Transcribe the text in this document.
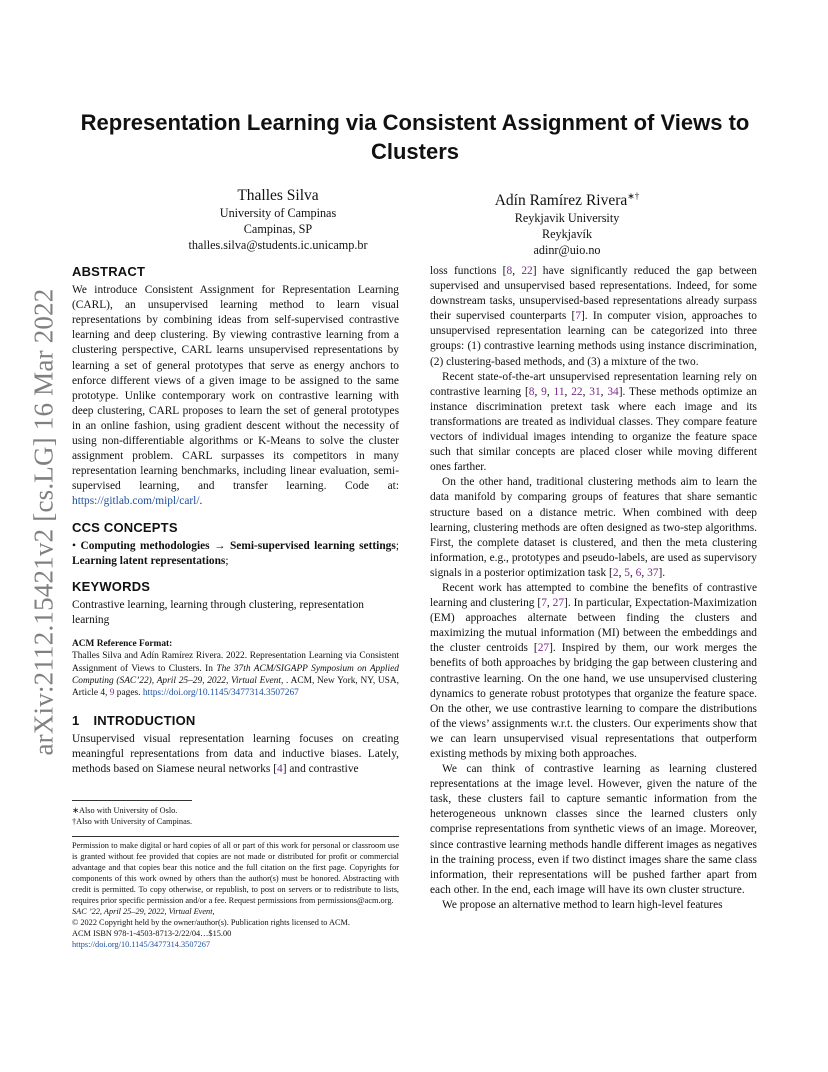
arXiv:2112.15421v2 [cs.LG] 16 Mar 2022
Representation Learning via Consistent Assignment of Views to Clusters
Thalles Silva
University of Campinas
Campinas, SP
thalles.silva@students.ic.unicamp.br
Adín Ramírez Rivera∗†
Reykjavik University
Reykjavík
adinr@uio.no
ABSTRACT

We introduce Consistent Assignment for Representation Learning (CARL), an unsupervised learning method to learn visual representations by combining ideas from self-supervised contrastive learning and deep clustering. By viewing contrastive learning from a clustering perspective, CARL learns unsupervised representations by learning a set of general prototypes that serve as energy anchors to enforce different views of a given image to be assigned to the same prototype. Unlike contemporary work on contrastive learning with deep clustering, CARL proposes to learn the set of general prototypes in an online fashion, using gradient descent without the necessity of using non-differentiable algorithms or K-Means to solve the cluster assignment problem. CARL surpasses its competitors in many representation learning benchmarks, including linear evaluation, semi-supervised learning, and transfer learning. Code at: https://gitlab.com/mipl/carl/.

CCS CONCEPTS

• Computing methodologies → Semi-supervised learning settings; Learning latent representations;

KEYWORDS

Contrastive learning, learning through clustering, representation learning

ACM Reference Format:

Thalles Silva and Adín Ramírez Rivera. 2022. Representation Learning via Consistent Assignment of Views to Clusters. In The 37th ACM/SIGAPP Symposium on Applied Computing (SAC’22), April 25–29, 2022, Virtual Event, . ACM, New York, NY, USA, Article 4, 9 pages. https://doi.org/10.1145/3477314.3507267

1 INTRODUCTION

Unsupervised visual representation learning focuses on creating meaningful representations from data and inductive biases. Lately, methods based on Siamese neural networks [4] and contrastive

∗Also with University of Oslo.
†Also with University of Campinas.

Permission to make digital or hard copies of all or part of this work for personal or classroom use is granted without fee provided that copies are not made or distributed for profit or commercial advantage and that copies bear this notice and the full citation on the first page. Copyrights for components of this work owned by others than the author(s) must be honored. Abstracting with credit is permitted. To copy otherwise, or republish, to post on servers or to redistribute to lists, requires prior specific permission and/or a fee. Request permissions from permissions@acm.org.

SAC ’22, April 25–29, 2022, Virtual Event,
© 2022 Copyright held by the owner/author(s). Publication rights licensed to ACM.
ACM ISBN 978-1-4503-8713-2/22/04…$15.00
https://doi.org/10.1145/3477314.3507267

loss functions [8, 22] have significantly reduced the gap between supervised and unsupervised based representations. Indeed, for some downstream tasks, unsupervised-based representations already surpass their supervised counterparts [7]. In computer vision, approaches to unsupervised representation learning can be categorized into three groups: (1) contrastive learning methods using instance discrimination, (2) clustering-based methods, and (3) a mixture of the two.

Recent state-of-the-art unsupervised representation learning rely on contrastive learning [8, 9, 11, 22, 31, 34]. These methods optimize an instance discrimination pretext task where each image and its transformations are treated as individual classes. They compare feature vectors of individual images intending to organize the feature space such that similar concepts are placed closer while moving different ones farther.

On the other hand, traditional clustering methods aim to learn the data manifold by comparing groups of features that share semantic structure based on a distance metric. When combined with deep learning, clustering methods are often designed as two-step algorithms. First, the complete dataset is clustered, and then the meta clustering information, e.g., prototypes and pseudo-labels, are used as supervisory signals in a posterior optimization task [2, 5, 6, 37].

Recent work has attempted to combine the benefits of contrastive learning and clustering [7, 27]. In particular, Expectation-Maximization (EM) approaches alternate between finding the clusters and maximizing the mutual information (MI) between the embeddings and the cluster centroids [27]. Inspired by them, our work merges the benefits of both approaches by bridging the gap between clustering and contrastive learning. On the one hand, we use unsupervised clustering dynamics to generate robust prototypes that organize the feature space. On the other, we use contrastive learning to compare the distributions of the views’ assignments w.r.t. the clusters. Our experiments show that we can learn unsupervised visual representations that outperform existing methods by mixing both approaches.

We can think of contrastive learning as learning clustered representations at the image level. However, given the nature of the task, these clusters fail to capture semantic information from the heterogeneous unknown classes since the learned clusters only comprise representations from synthetic views of an image. Moreover, since contrastive learning methods handle different images as negatives in the training process, even if two distinct images share the same class information, their representations will be pushed farther apart from each other. In the end, each image will have its own cluster structure.

We propose an alternative method to learn high-level features
